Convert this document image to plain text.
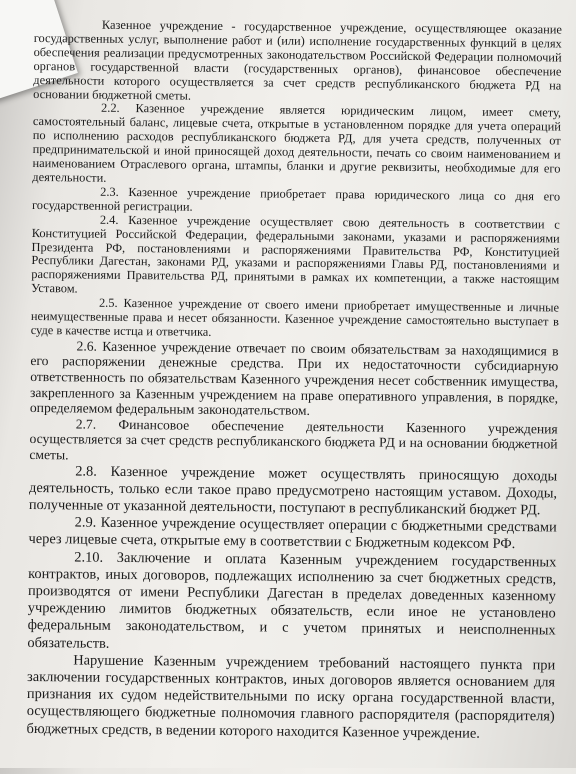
Казенное учреждение - государственное учреждение, осуществляющее оказание государственных услуг, выполнение работ и (или) исполнение государственных функций в целях обеспечения реализации предусмотренных законодательством Российской Федерации полномочий органов государственной власти (государственных органов), финансовое обеспечение деятельности которого осуществляется за счет средств республиканского бюджета РД на основании бюджетной сметы.

2.2. Казенное учреждение является юридическим лицом, имеет смету, самостоятельный баланс, лицевые счета, открытые в установленном порядке для учета операций по исполнению расходов республиканского бюджета РД, для учета средств, полученных от предпринимательской и иной приносящей доход деятельности, печать со своим наименованием и наименованием Отраслевого органа, штампы, бланки и другие реквизиты, необходимые для его деятельности.

2.3. Казенное учреждение приобретает права юридического лица со дня его государственной регистрации.

2.4. Казенное учреждение осуществляет свою деятельность в соответствии с Конституцией Российской Федерации, федеральными законами, указами и распоряжениями Президента РФ, постановлениями и распоряжениями Правительства РФ, Конституцией Республики Дагестан, законами РД, указами и распоряжениями Главы РД, постановлениями и распоряжениями Правительства РД, принятыми в рамках их компетенции, а также настоящим Уставом.

2.5. Казенное учреждение от своего имени приобретает имущественные и личные неимущественные права и несет обязанности. Казенное учреждение самостоятельно выступает в суде в качестве истца и ответчика.

2.6. Казенное учреждение отвечает по своим обязательствам за находящимися в его распоряжении денежные средства. При их недостаточности субсидиарную ответственность по обязательствам Казенного учреждения несет собственник имущества, закрепленного за Казенным учреждением на праве оперативного управления, в порядке, определяемом федеральным законодательством.

2.7. Финансовое обеспечение деятельности Казенного учреждения осуществляется за счет средств республиканского бюджета РД и на основании бюджетной сметы.

2.8. Казенное учреждение может осуществлять приносящую доходы деятельность, только если такое право предусмотрено настоящим уставом. Доходы, полученные от указанной деятельности, поступают в республиканский бюджет РД.

2.9. Казенное учреждение осуществляет операции с бюджетными средствами через лицевые счета, открытые ему в соответствии с Бюджетным кодексом РФ.

2.10. Заключение и оплата Казенным учреждением государственных контрактов, иных договоров, подлежащих исполнению за счет бюджетных средств, производятся от имени Республики Дагестан в пределах доведенных казенному учреждению лимитов бюджетных обязательств, если иное не установлено федеральным законодательством, и с учетом принятых и неисполненных обязательств.

Нарушение Казенным учреждением требований настоящего пункта при заключении государственных контрактов, иных договоров является основанием для признания их судом недействительными по иску органа государственной власти, осуществляющего бюджетные полномочия главного распорядителя (распорядителя) бюджетных средств, в ведении которого находится Казенное учреждение.
